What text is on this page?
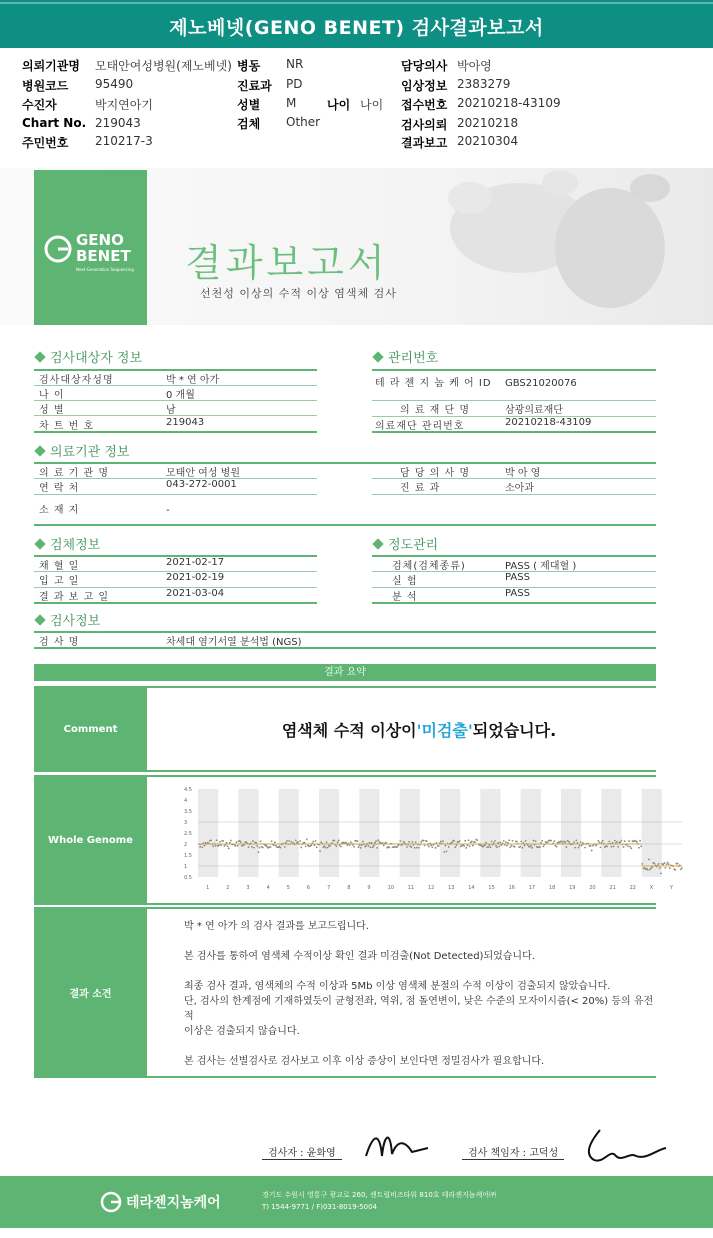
제노베넷(GENO BENET) 검사결과보고서
의뢰기관명 모태안여성병원(제노베넷) 병동 NR	담당의사 박아영
병원코드 95490	진료과 PD	임상정보 2383279
수진자	박지연아기	성별 M	나이 나이 접수번호 20210218-43109
Chart No. 219043	검체 Other	검사의뢰 20210218
주민번호 210217-3	결과보고 20210304
GENO
BENET
Next-Generation Sequencing 결과보고서
선천성 이상의 수적 이상 염색체 검사
검사대상자 정보	관리번호
의료기관 정보
검체정보	정도관리
검사정보
검사대상자성명	박 * 연 아가
나 이	0 개월
성 별	남
차 트 번 호	219043
테 라 젠 지 놈 케 어 ID GBS21020076
의 료 재 단 명	삼광의료재단
의료재단 관리번호	20210218-43109
의 료 기 관 명	모태안 여성 병원
연 락 처	043-272-0001
소 재 지	-
담 당 의 사 명	박 아 영
진 료 과	소아과
채 혈 일	2021-02-17
입 고 일	2021-02-19
결 과 보 고 일	2021-03-04
검체(검체종류)	PASS ( 제대혈 )
실 험	PASS
분 석	PASS
검 사 명	차세대 염기서열 분석법 (NGS)
결과 요약
Comment	염색체 수적 이상이 '미검출' 되었습니다.
Whole Genome
4.5
4
3.5
3
2.5
2
1.5
1
0.5
1	2	3	4	5	6	7	8	9	10	11	12	13	14	15	16	17	18	19	20	21	22	X	Y
결과 소견
박 * 연 아가 의 검사 결과를 보고드립니다.

본 검사를 통하여 염색체 수적이상 확인 결과 미검출(Not Detected)되었습니다.

최종 검사 결과, 염색체의 수적 이상과 5Mb 이상 염색체 분절의 수적 이상이 검출되지 않았습니다.
단, 검사의 한계점에 기재하였듯이 균형전좌, 역위, 점 돌연변이, 낮은 수준의 모자이시즘(< 20%) 등의 유전적
이상은 검출되지 않습니다.

본 검사는 선별검사로 검사보고 이후 이상 증상이 보인다면 정밀검사가 필요합니다.
검사자 : 윤화영	검사 책임자 : 고덕성
테라젠지놈케어	경기도 수원시 영통구 광교로 260, 센트럴비즈타워 810호 테라젠지놈케어㈜
T) 1544-9771 / F)031-8019-5004
